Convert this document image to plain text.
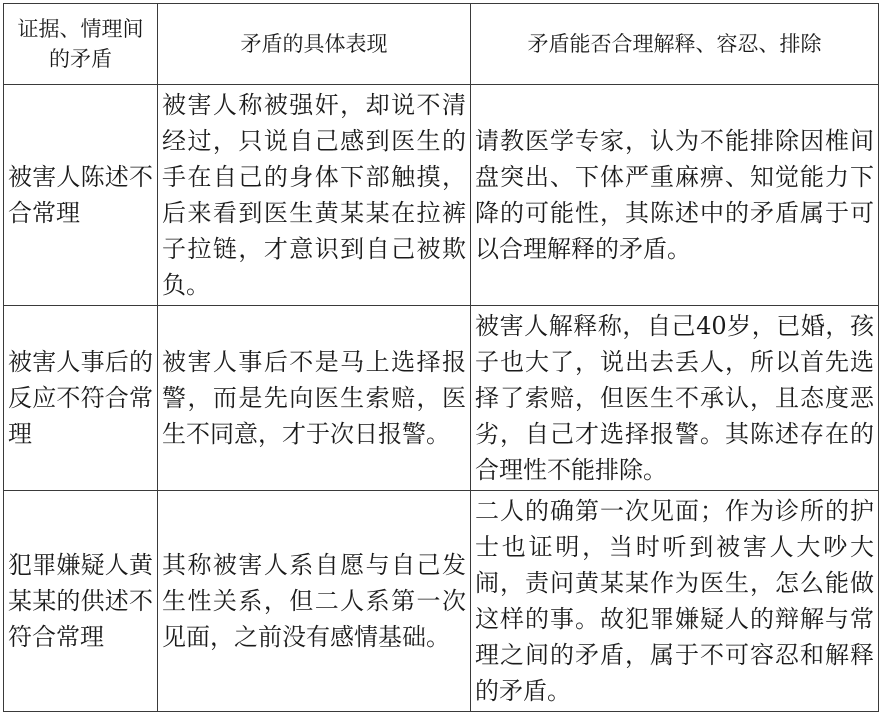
证据、情理间的矛盾	矛盾的具体表现	矛盾能否合理解释、容忍、排除

被害人陈述不合常理	被害人称被强奸，却说不清经过，只说自己感到医生的手在自己的身体下部触摸，后来看到医生黄某某在拉裤子拉链，才意识到自己被欺负。	请教医学专家，认为不能排除因椎间盘突出、下体严重麻痹、知觉能力下降的可能性，其陈述中的矛盾属于可以合理解释的矛盾。

被害人事后的反应不符合常理	被害人事后不是马上选择报警，而是先向医生索赔，医生不同意，才于次日报警。	被害人解释称，自己40岁，已婚，孩子也大了，说出去丢人，所以首先选择了索赔，但医生不承认，且态度恶劣，自己才选择报警。其陈述存在的合理性不能排除。

犯罪嫌疑人黄某某的供述不符合常理	其称被害人系自愿与自己发生性关系，但二人系第一次见面，之前没有感情基础。	二人的确第一次见面；作为诊所的护士也证明，当时听到被害人大吵大闹，责问黄某某作为医生，怎么能做这样的事。故犯罪嫌疑人的辩解与常理之间的矛盾，属于不可容忍和解释的矛盾。
